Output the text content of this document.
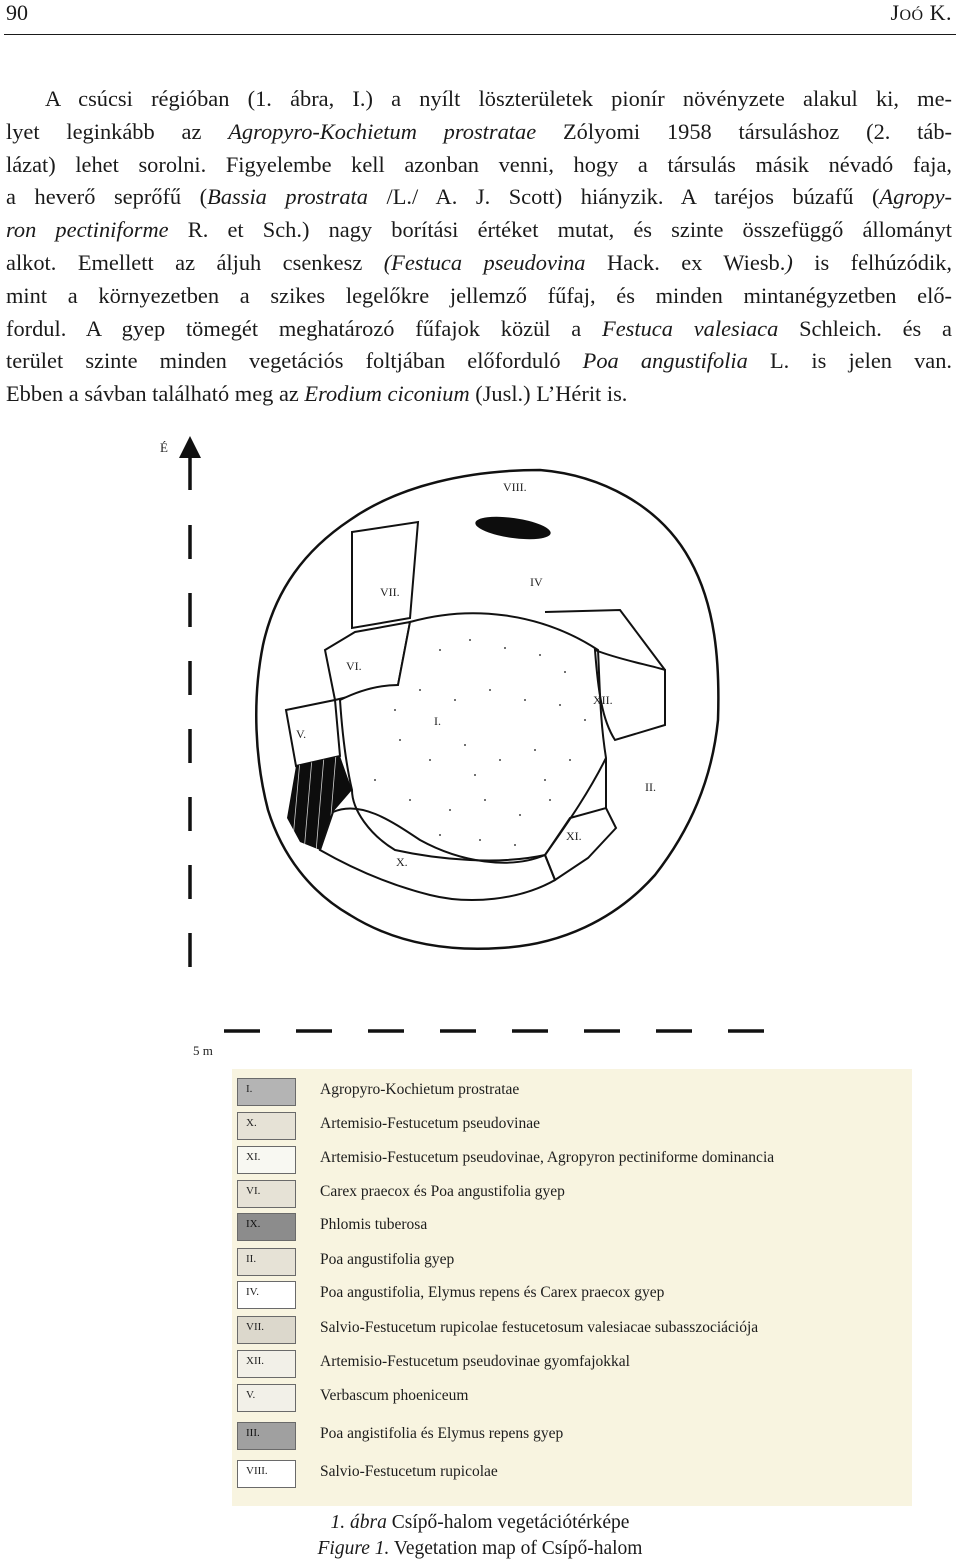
90	JOÓ K.
A csúcsi régióban (1. ábra, I.) a nyílt löszterületek pionír növényzete alakul ki, me-
lyet leginkább az Agropyro-Kochietum prostratae Zólyomi 1958 társuláshoz (2. táb-
lázat) lehet sorolni. Figyelembe kell azonban venni, hogy a társulás másik névadó faja,
a heverő seprőfű (Bassia prostrata /L./ A. J. Scott) hiányzik. A taréjos búzafű (Agropy-
ron pectiniforme R. et Sch.) nagy borítási értéket mutat, és szinte összefüggő állományt
alkot. Emellett az áljuh csenkesz (Festuca pseudovina Hack. ex Wiesb.) is felhúzódik,
mint a környezetben a szikes legelőkre jellemző fűfaj, és minden mintanégyzetben elő-
fordul. A gyep tömegét meghatározó fűfajok közül a Festuca valesiaca Schleich. és a
terület szinte minden vegetációs foltjában előforduló Poa angustifolia L. is jelen van.
Ebben a sávban található meg az Erodium ciconium (Jusl.) L’Hérit is.
É
5 m
VIII.
IV
VII.
VI.
V.
I.
XII.
II.
XI.
X.
I.	Agropyro-Kochietum prostratae
X.	Artemisio-Festucetum pseudovinae
XI.	Artemisio-Festucetum pseudovinae, Agropyron pectiniforme dominancia
VI.	Carex praecox és Poa angustifolia gyep
IX.	Phlomis tuberosa
II.	Poa angustifolia gyep
IV.	Poa angustifolia, Elymus repens és Carex praecox gyep
VII.	Salvio-Festucetum rupicolae festucetosum valesiacae subasszociációja
XII.	Artemisio-Festucetum pseudovinae gyomfajokkal
V.	Verbascum phoeniceum
III.	Poa angistifolia és Elymus repens gyep
VIII.	Salvio-Festucetum rupicolae
1. ábra Csípő-halom vegetációtérképe
Figure 1. Vegetation map of Csípő-halom
